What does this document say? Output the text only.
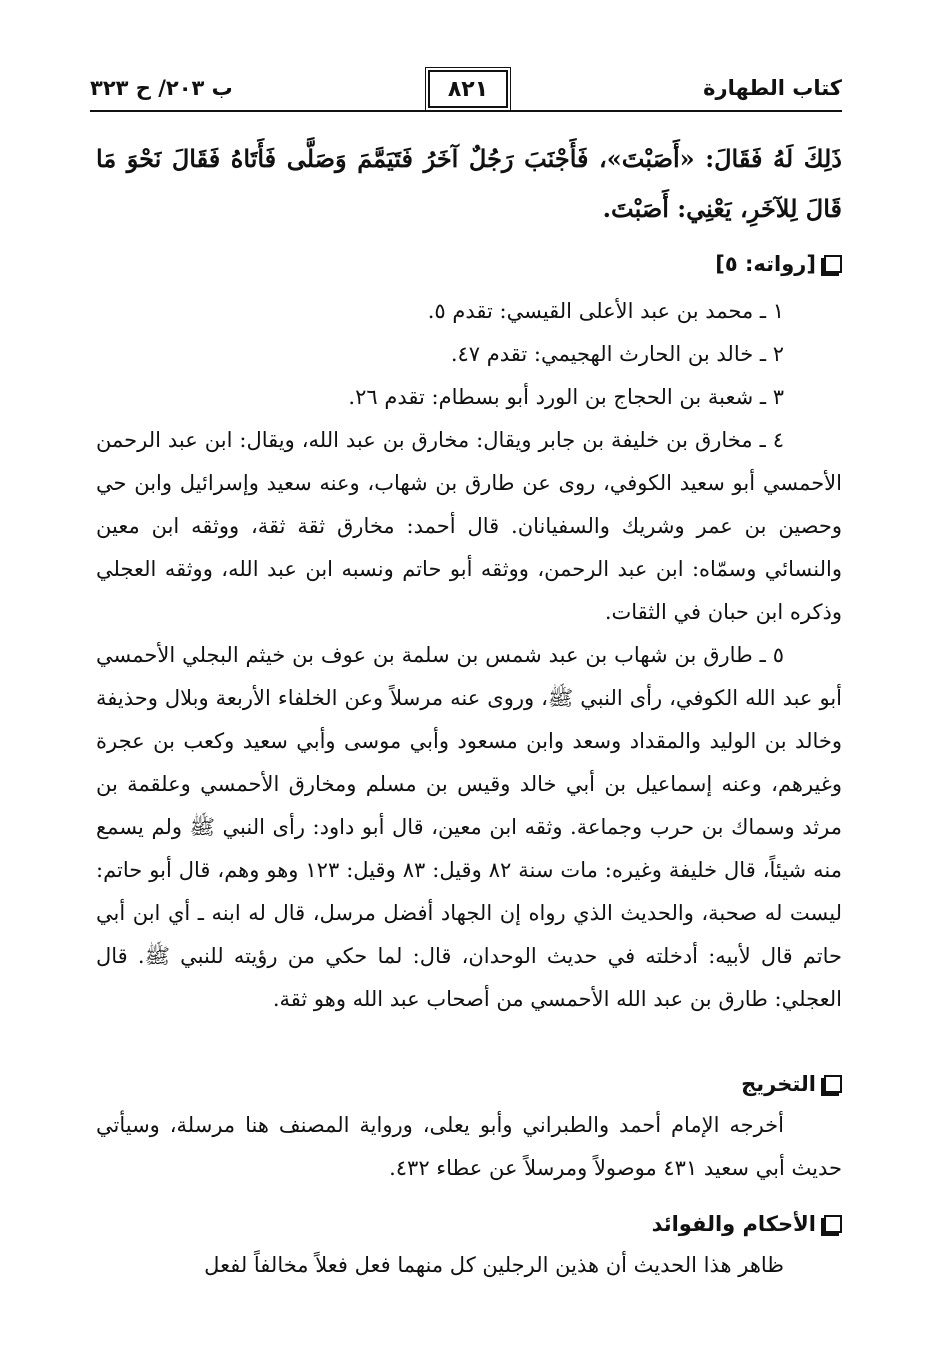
كتاب الطهارة
٨٢١
ب ٢٠٣/ ح ٣٢٣
ذَلِكَ لَهُ فَقَالَ: «أَصَبْتَ»، فَأَجْنَبَ رَجُلٌ آخَرُ فَتَيَمَّمَ وَصَلَّى فَأَتَاهُ فَقَالَ نَحْوَ مَا قَالَ لِلآخَرِ، يَعْنِي: أَصَبْتَ.
[رواته: ٥]

١ ـ محمد بن عبد الأعلى القيسي: تقدم ٥.

٢ ـ خالد بن الحارث الهجيمي: تقدم ٤٧.

٣ ـ شعبة بن الحجاج بن الورد أبو بسطام: تقدم ٢٦.

٤ ـ مخارق بن خليفة بن جابر ويقال: مخارق بن عبد الله، ويقال: ابن عبد الرحمن الأحمسي أبو سعيد الكوفي، روى عن طارق بن شهاب، وعنه سعيد وإسرائيل وابن حي وحصين بن عمر وشريك والسفيانان. قال أحمد: مخارق ثقة ثقة، ووثقه ابن معين والنسائي وسمّاه: ابن عبد الرحمن، ووثقه أبو حاتم ونسبه ابن عبد الله، ووثقه العجلي وذكره ابن حبان في الثقات.

٥ ـ طارق بن شهاب بن عبد شمس بن سلمة بن عوف بن خيثم البجلي الأحمسي أبو عبد الله الكوفي، رأى النبي ﷺ، وروى عنه مرسلاً وعن الخلفاء الأربعة وبلال وحذيفة وخالد بن الوليد والمقداد وسعد وابن مسعود وأبي موسى وأبي سعيد وكعب بن عجرة وغيرهم، وعنه إسماعيل بن أبي خالد وقيس بن مسلم ومخارق الأحمسي وعلقمة بن مرثد وسماك بن حرب وجماعة. وثقه ابن معين، قال أبو داود: رأى النبي ﷺ ولم يسمع منه شيئاً، قال خليفة وغيره: مات سنة ٨٢ وقيل: ٨٣ وقيل: ١٢٣ وهو وهم، قال أبو حاتم: ليست له صحبة، والحديث الذي رواه إن الجهاد أفضل مرسل، قال له ابنه ـ أي ابن أبي حاتم قال لأبيه: أدخلته في حديث الوحدان، قال: لما حكي من رؤيته للنبي ﷺ. قال العجلي: طارق بن عبد الله الأحمسي من أصحاب عبد الله وهو ثقة.

التخريج
أخرجه الإمام أحمد والطبراني وأبو يعلى، ورواية المصنف هنا مرسلة، وسيأتي حديث أبي سعيد ٤٣١ موصولاً ومرسلاً عن عطاء ٤٣٢.
الأحكام والفوائد
ظاهر هذا الحديث أن هذين الرجلين كل منهما فعل فعلاً مخالفاً لفعل
